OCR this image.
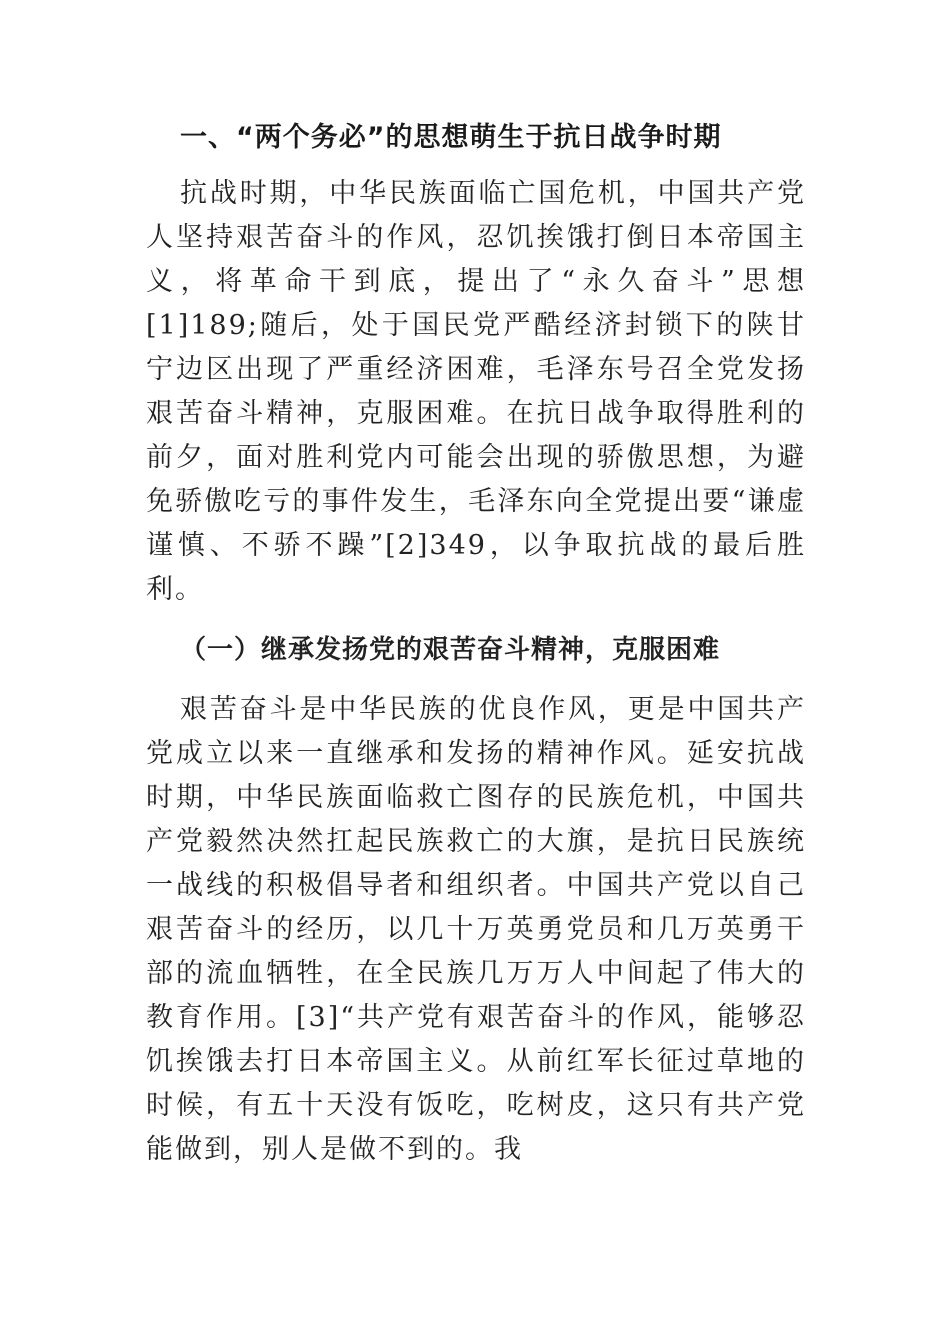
一、“两个务必”的思想萌生于抗日战争时期

抗战时期，中华民族面临亡国危机，中国共产党人坚持艰苦奋斗的作风，忍饥挨饿打倒日本帝国主义，将革命干到底，提出了“永久奋斗”思想[1]189;随后，处于国民党严酷经济封锁下的陕甘宁边区出现了严重经济困难，毛泽东号召全党发扬艰苦奋斗精神，克服困难。在抗日战争取得胜利的前夕，面对胜利党内可能会出现的骄傲思想，为避免骄傲吃亏的事件发生，毛泽东向全党提出要“谦虚谨慎、不骄不躁”[2]349，以争取抗战的最后胜利。

（一）继承发扬党的艰苦奋斗精神，克服困难

艰苦奋斗是中华民族的优良作风，更是中国共产党成立以来一直继承和发扬的精神作风。延安抗战时期，中华民族面临救亡图存的民族危机，中国共产党毅然决然扛起民族救亡的大旗，是抗日民族统一战线的积极倡导者和组织者。中国共产党以自己艰苦奋斗的经历，以几十万英勇党员和几万英勇干部的流血牺牲，在全民族几万万人中间起了伟大的教育作用。[3]“共产党有艰苦奋斗的作风，能够忍饥挨饿去打日本帝国主义。从前红军长征过草地的时候，有五十天没有饭吃，吃树皮，这只有共产党能做到，别人是做不到的。我
